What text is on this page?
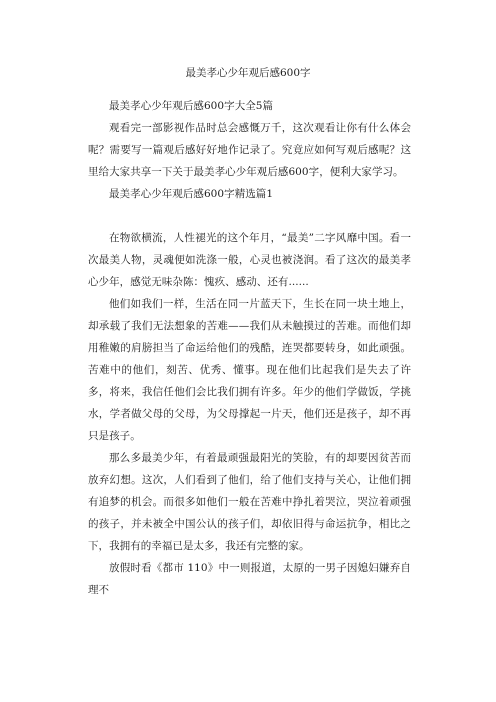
最美孝心少年观后感600字

最美孝心少年观后感600字大全5篇

观看完一部影视作品时总会感慨万千，这次观看让你有什么体会呢？需要写一篇观后感好好地作记录了。究竟应如何写观后感呢？这里给大家共享一下关于最美孝心少年观后感600字，便利大家学习。

最美孝心少年观后感600字精选篇1

在物欲横流，人性褪光的这个年月，“最美”二字风靡中国。看一次最美人物，灵魂便如洗涤一般，心灵也被浇润。看了这次的最美孝心少年，感觉无味杂陈：愧疚、感动、还有......

他们如我们一样，生活在同一片蓝天下，生长在同一块土地上，却承载了我们无法想象的苦难——我们从未触摸过的苦难。而他们却用稚嫩的肩膀担当了命运给他们的残酷，连哭都要转身，如此顽强。苦难中的他们，刻苦、优秀、懂事。现在他们比起我们是失去了许多，将来，我信任他们会比我们拥有许多。年少的他们学做饭，学挑水，学者做父母的父母，为父母撑起一片天，他们还是孩子，却不再只是孩子。

那么多最美少年，有着最顽强最阳光的笑脸，有的却要因贫苦而放弃幻想。这次，人们看到了他们，给了他们支持与关心，让他们拥有追梦的机会。而很多如他们一般在苦难中挣扎着哭泣，哭泣着顽强的孩子，并未被全中国公认的孩子们，却依旧得与命运抗争，相比之下，我拥有的幸福已是太多，我还有完整的家。

放假时看《都市 110》中一则报道，太原的一男子因媳妇嫌弃自理不
